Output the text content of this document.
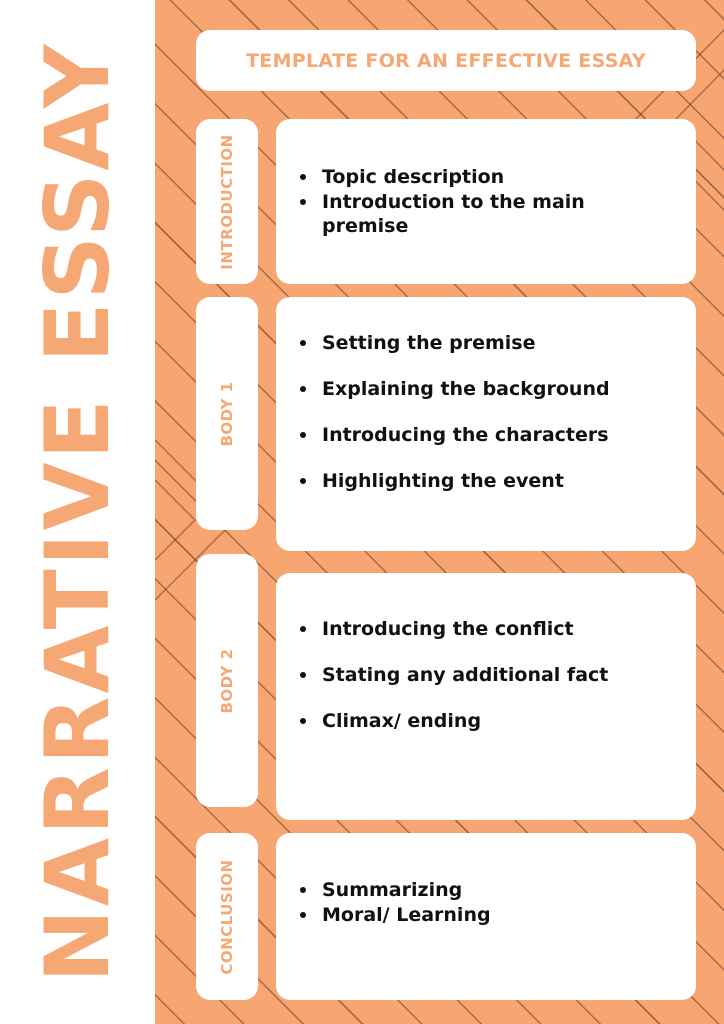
NARRATIVE ESSAY	TEMPLATE FOR AN EFFECTIVE ESSAY
INTRODUCTION	Topic description
Introduction to the main premise
BODY 1
Setting the premise
Explaining the background
Introducing the characters
Highlighting the event
BODY 2
Introducing the conflict
Stating any additional fact
Climax/ ending
CONCLUSION	Summarizing
Moral/ Learning
